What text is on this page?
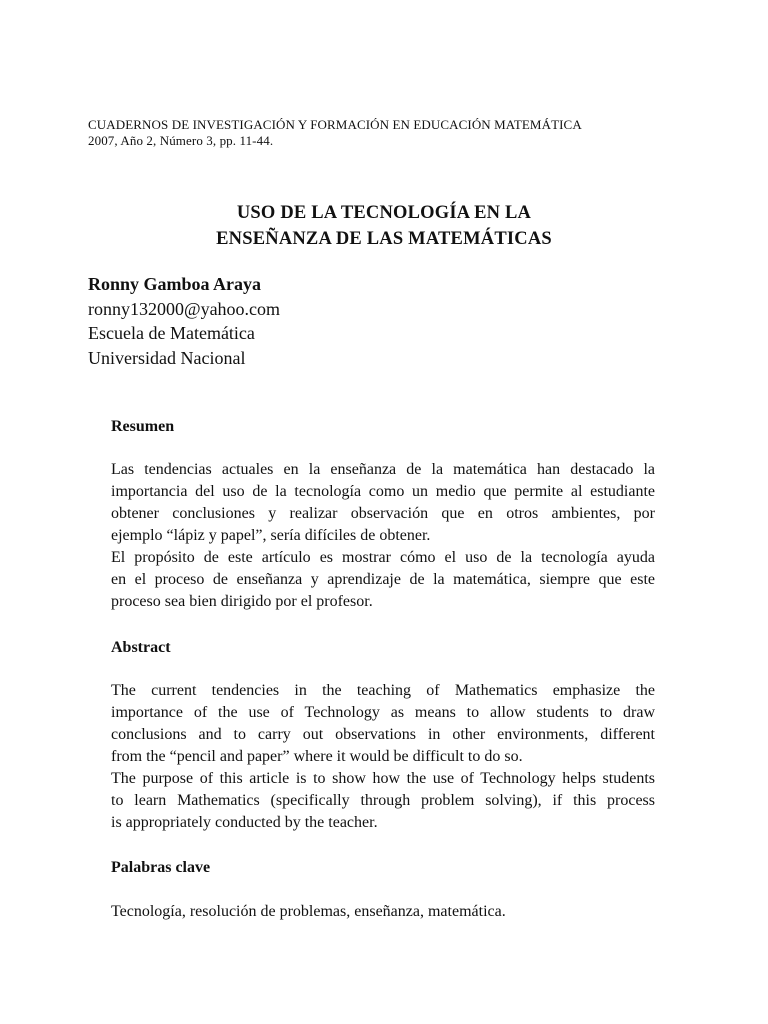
CUADERNOS DE INVESTIGACIÓN Y FORMACIÓN EN EDUCACIÓN MATEMÁTICA
2007, Año 2, Número 3, pp. 11-44.
USO DE LA TECNOLOGÍA EN LA
ENSEÑANZA DE LAS MATEMÁTICAS
Ronny Gamboa Araya
ronny132000@yahoo.com
Escuela de Matemática
Universidad Nacional
Resumen
Las tendencias actuales en la enseñanza de la matemática han destacado la
importancia del uso de la tecnología como un medio que permite al estudiante
obtener conclusiones y realizar observación que en otros ambientes, por
ejemplo “lápiz y papel”, sería difíciles de obtener.
El propósito de este artículo es mostrar cómo el uso de la tecnología ayuda
en el proceso de enseñanza y aprendizaje de la matemática, siempre que este
proceso sea bien dirigido por el profesor.
Abstract
The current tendencies in the teaching of Mathematics emphasize the
importance of the use of Technology as means to allow students to draw
conclusions and to carry out observations in other environments, different
from the “pencil and paper” where it would be difficult to do so.
The purpose of this article is to show how the use of Technology helps students
to learn Mathematics (specifically through problem solving), if this process
is appropriately conducted by the teacher.
Palabras clave
Tecnología, resolución de problemas, enseñanza, matemática.
